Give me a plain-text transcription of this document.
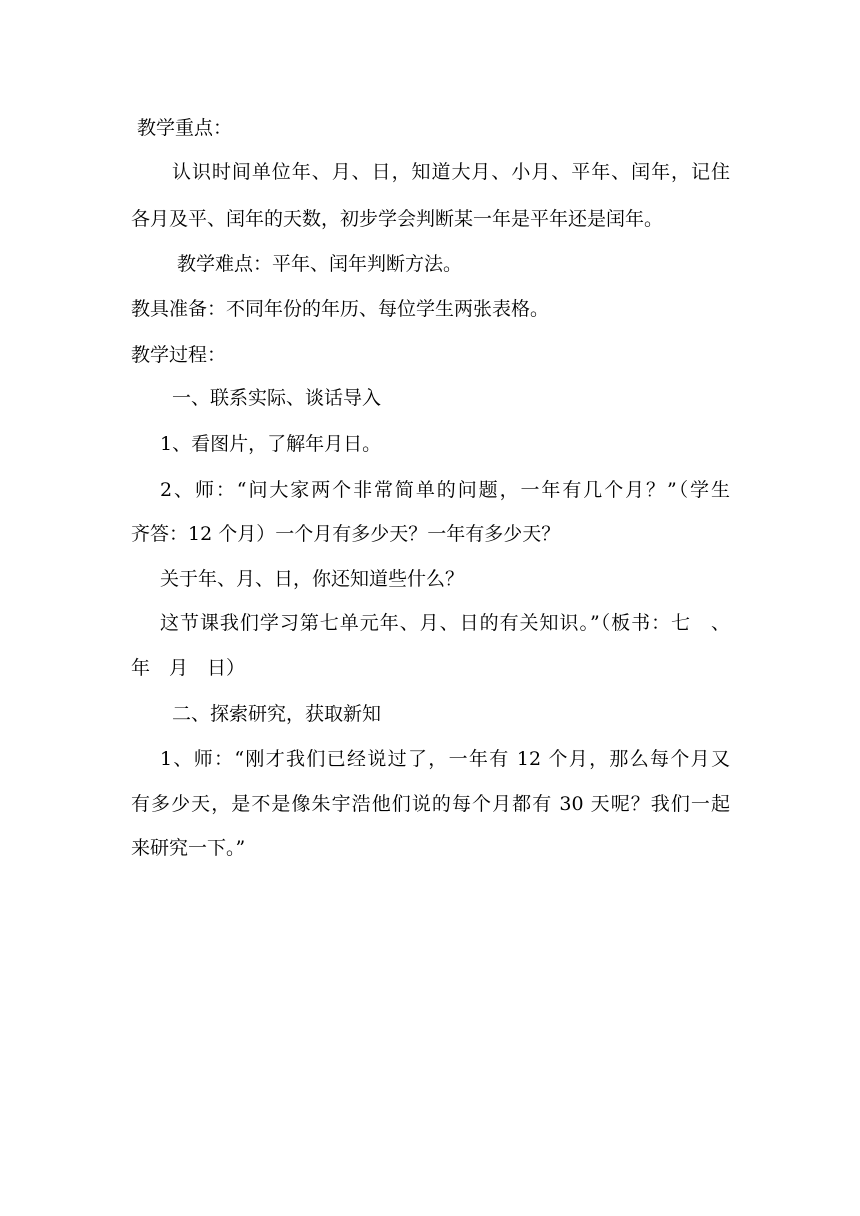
教学重点：

认识时间单位年、月、日，知道大月、小月、平年、闰年，记住

各月及平、闰年的天数，初步学会判断某一年是平年还是闰年。

教学难点：平年、闰年判断方法。

教具准备：不同年份的年历、每位学生两张表格。

教学过程：

一、联系实际、谈话导入

1、看图片，了解年月日。

2、师：“问大家两个非常简单的问题，一年有几个月？”（学生

齐答：12 个月）一个月有多少天？一年有多少天？

关于年、月、日，你还知道些什么？

这节课我们学习第七单元年、月、日的有关知识。”（板书：七　、

年　月　日）

二、探索研究，获取新知

1、师：“刚才我们已经说过了，一年有 12 个月，那么每个月又

有多少天，是不是像朱宇浩他们说的每个月都有 30 天呢？我们一起

来研究一下。”
